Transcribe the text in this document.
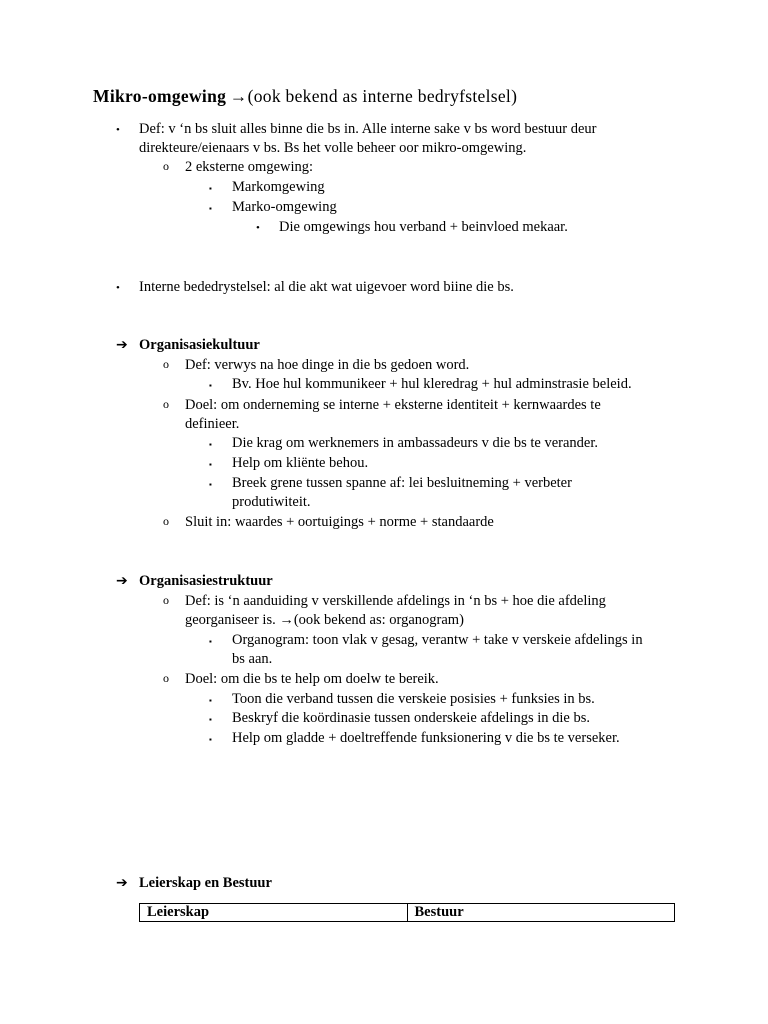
Mikro-omgewing →(ook bekend as interne bedryfstelsel)
• Def: v ‘n bs sluit alles binne die bs in. Alle interne sake v bs word bestuur deur
direkteure/eienaars v bs. Bs het volle beheer oor mikro-omgewing.
o 2 eksterne omgewing:
▪ Markomgewing
▪ Marko-omgewing
• Die omgewings hou verband + beinvloed mekaar.
• Interne bededrystelsel: al die akt wat uigevoer word biine die bs.
➔ Organisasiekultuur
o Def: verwys na hoe dinge in die bs gedoen word.
▪ Bv. Hoe hul kommunikeer + hul kleredrag + hul adminstrasie beleid.
o Doel: om onderneming se interne + eksterne identiteit + kernwaardes te
definieer.
▪ Die krag om werknemers in ambassadeurs v die bs te verander.
▪ Help om kliënte behou.
▪ Breek grene tussen spanne af: lei besluitneming + verbeter
produtiwiteit.
o Sluit in: waardes + oortuigings + norme + standaarde
➔ Organisasiestruktuur
o Def: is ‘n aanduiding v verskillende afdelings in ‘n bs + hoe die afdeling
georganiseer is. →(ook bekend as: organogram)
▪ Organogram: toon vlak v gesag, verantw + take v verskeie afdelings in
bs aan.
o Doel: om die bs te help om doelw te bereik.
▪ Toon die verband tussen die verskeie posisies + funksies in bs.
▪ Beskryf die koördinasie tussen onderskeie afdelings in die bs.
▪ Help om gladde + doeltreffende funksionering v die bs te verseker.
➔ Leierskap en Bestuur
Leierskap	Bestuur
